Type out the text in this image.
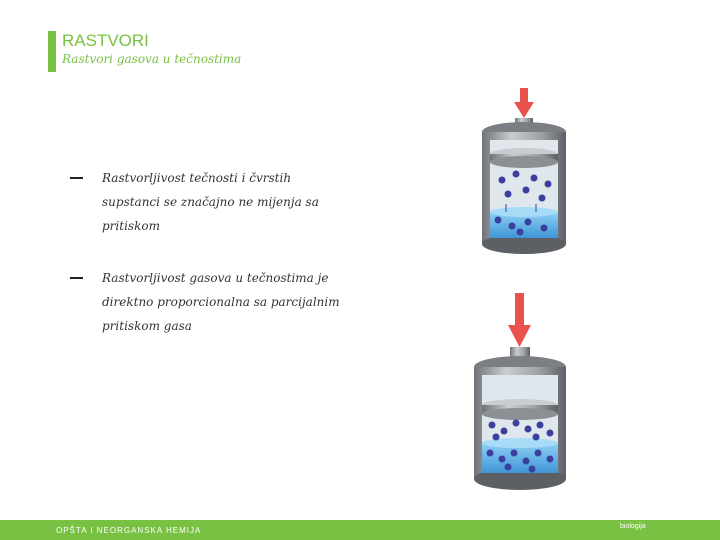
RASTVORI
Rastvori gasova u tečnostima
Rastvorljivost tečnosti i čvrstih supstanci se značajno ne mijenja sa pritiskom
Rastvorljivost gasova u tečnostima je direktno proporcionalna sa parcijalnim pritiskom gasa
OPŠTA I NEORGANSKA HEMIJA	biologija
